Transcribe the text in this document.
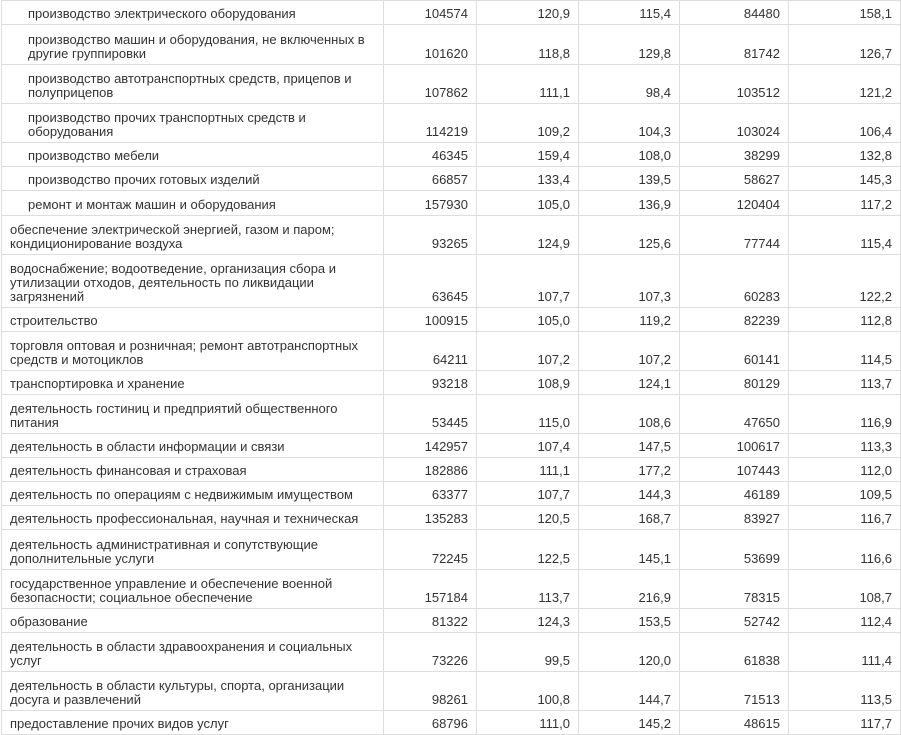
производство электрического оборудования	104574	120,9	115,4	84480	158,1
производство машин и оборудования, не включенных в другие группировки	101620	118,8	129,8	81742	126,7
производство автотранспортных средств, прицепов и полуприцепов	107862	111,1	98,4	103512	121,2
производство прочих транспортных средств и оборудования	114219	109,2	104,3	103024	106,4
производство мебели	46345	159,4	108,0	38299	132,8
производство прочих готовых изделий	66857	133,4	139,5	58627	145,3
ремонт и монтаж машин и оборудования	157930	105,0	136,9	120404	117,2
обеспечение электрической энергией, газом и паром; кондиционирование воздуха	93265	124,9	125,6	77744	115,4
водоснабжение; водоотведение, организация сбора и утилизации отходов, деятельность по ликвидации загрязнений	63645	107,7	107,3	60283	122,2
строительство	100915	105,0	119,2	82239	112,8
торговля оптовая и розничная; ремонт автотранспортных средств и мотоциклов	64211	107,2	107,2	60141	114,5
транспортировка и хранение	93218	108,9	124,1	80129	113,7
деятельность гостиниц и предприятий общественного питания	53445	115,0	108,6	47650	116,9
деятельность в области информации и связи	142957	107,4	147,5	100617	113,3
деятельность финансовая и страховая	182886	111,1	177,2	107443	112,0
деятельность по операциям с недвижимым имуществом	63377	107,7	144,3	46189	109,5
деятельность профессиональная, научная и техническая	135283	120,5	168,7	83927	116,7
деятельность административная и сопутствующие дополнительные услуги	72245	122,5	145,1	53699	116,6
государственное управление и обеспечение военной безопасности; социальное обеспечение	157184	113,7	216,9	78315	108,7
образование	81322	124,3	153,5	52742	112,4
деятельность в области здравоохранения и социальных услуг	73226	99,5	120,0	61838	111,4
деятельность в области культуры, спорта, организации досуга и развлечений	98261	100,8	144,7	71513	113,5
предоставление прочих видов услуг	68796	111,0	145,2	48615	117,7
